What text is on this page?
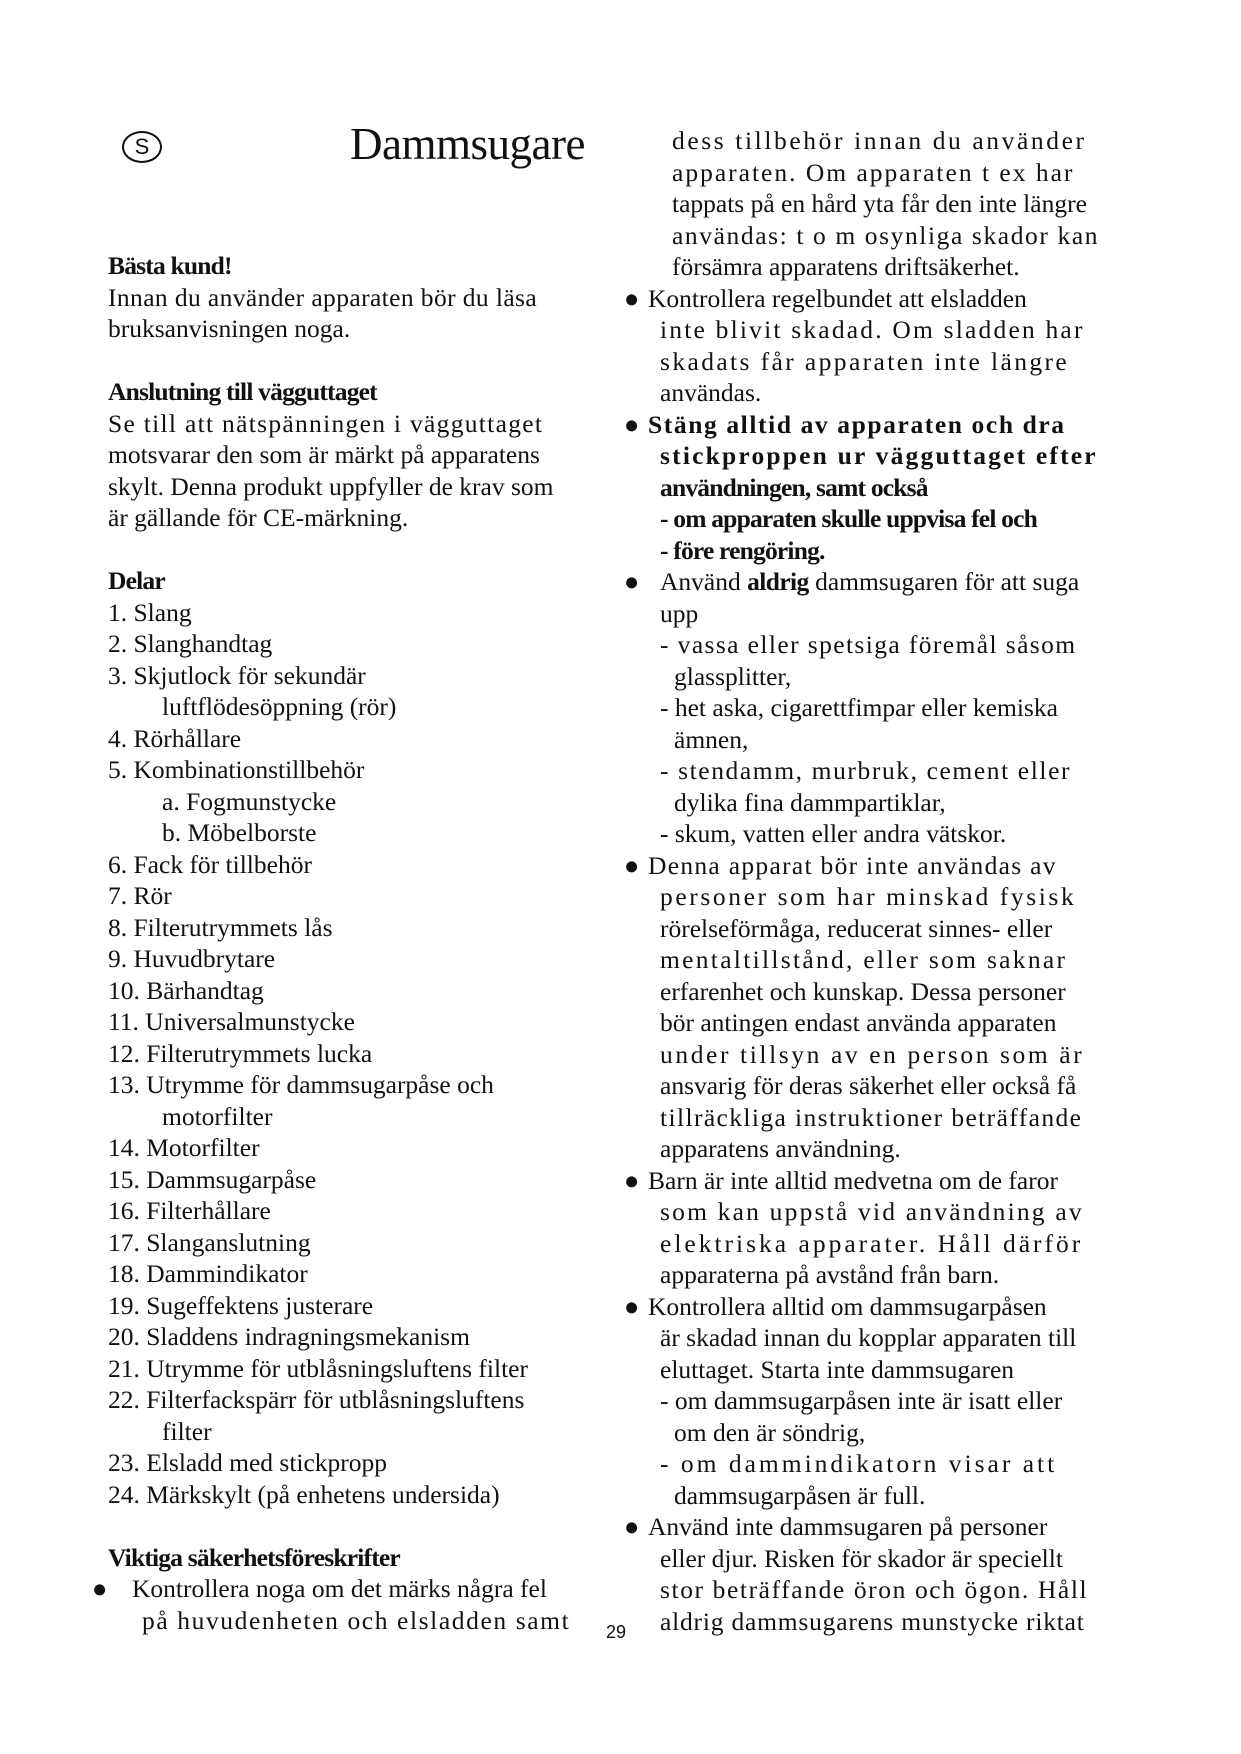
S	Dammsugare
Bästa kund!
Innan du använder apparaten bör du läsa
bruksanvisningen noga.
Anslutning till vägguttaget
Se till att nätspänningen i vägguttaget
motsvarar den som är märkt på apparatens
skylt. Denna produkt uppfyller de krav som
är gällande för CE-märkning.
Delar
1. Slang
2. Slanghandtag
3. Skjutlock för sekundär
luftflödesöppning (rör)
4. Rörhållare
5. Kombinationstillbehör
a. Fogmunstycke
b. Möbelborste
6. Fack för tillbehör
7. Rör
8. Filterutrymmets lås
9. Huvudbrytare
10. Bärhandtag
11. Universalmunstycke
12. Filterutrymmets lucka
13. Utrymme för dammsugarpåse och
motorfilter
14. Motorfilter
15. Dammsugarpåse
16. Filterhållare
17. Slanganslutning
18. Dammindikator
19. Sugeffektens justerare
20. Sladdens indragningsmekanism
21. Utrymme för utblåsningsluftens filter
22. Filterfackspärr för utblåsningsluftens
filter
23. Elsladd med stickpropp
24. Märkskylt (på enhetens undersida)
Viktiga säkerhetsföreskrifter
● Kontrollera noga om det märks några fel
på huvudenheten och elsladden samt
dess tillbehör innan du använder
apparaten. Om apparaten t ex har
tappats på en hård yta får den inte längre
användas: t o m osynliga skador kan
försämra apparatens driftsäkerhet.
● Kontrollera regelbundet att elsladden
inte blivit skadad. Om sladden har
skadats får apparaten inte längre
användas.
● Stäng alltid av apparaten och dra
stickproppen ur vägguttaget efter
användningen, samt också
- om apparaten skulle uppvisa fel och
- före rengöring.
● Använd aldrig dammsugaren för att suga
upp
- vassa eller spetsiga föremål såsom
glassplitter,
- het aska, cigarettfimpar eller kemiska
ämnen,
- stendamm, murbruk, cement eller
dylika fina dammpartiklar,
- skum, vatten eller andra vätskor.
● Denna apparat bör inte användas av
personer som har minskad fysisk
rörelseförmåga, reducerat sinnes- eller
mentaltillstånd, eller som saknar
erfarenhet och kunskap. Dessa personer
bör antingen endast använda apparaten
under tillsyn av en person som är
ansvarig för deras säkerhet eller också få
tillräckliga instruktioner beträffande
apparatens användning.
● Barn är inte alltid medvetna om de faror
som kan uppstå vid användning av
elektriska apparater. Håll därför
apparaterna på avstånd från barn.
● Kontrollera alltid om dammsugarpåsen
är skadad innan du kopplar apparaten till
eluttaget. Starta inte dammsugaren
- om dammsugarpåsen inte är isatt eller
om den är söndrig,
- om dammindikatorn visar att
dammsugarpåsen är full.
● Använd inte dammsugaren på personer
eller djur. Risken för skador är speciellt
stor beträffande öron och ögon. Håll
aldrig dammsugarens munstycke riktat
29
